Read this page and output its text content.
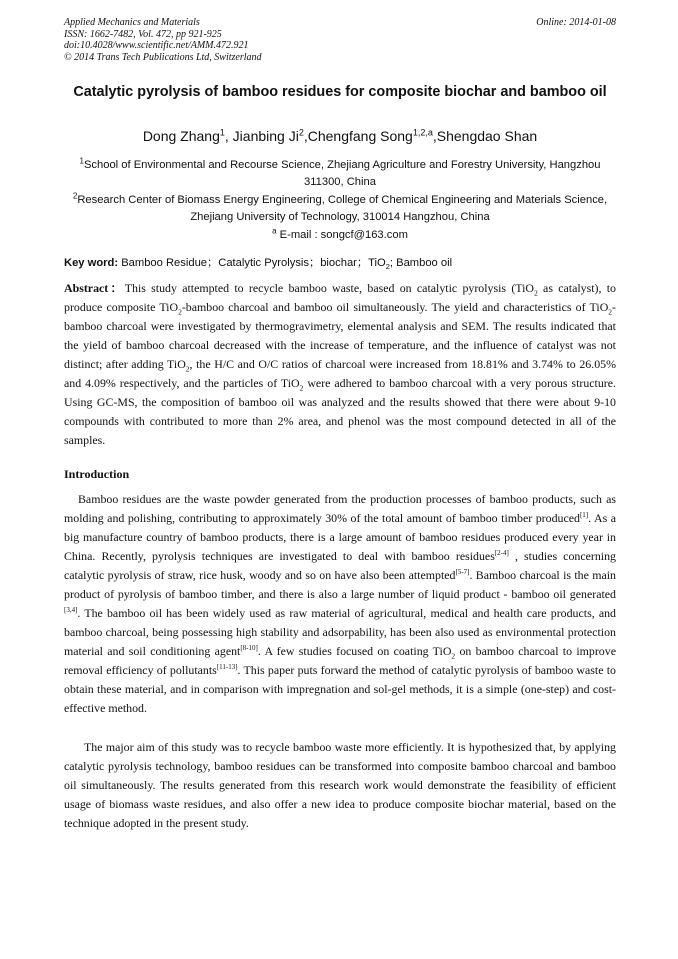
Applied Mechanics and Materials
ISSN: 1662-7482, Vol. 472, pp 921-925
doi:10.4028/www.scientific.net/AMM.472.921
© 2014 Trans Tech Publications Ltd, Switzerland
Online: 2014-01-08
Catalytic pyrolysis of bamboo residues for composite biochar and bamboo oil
Dong Zhang$^1$, Jianbing Ji$^2$,Chengfang Song$^{1,2,a}$,Shengdao Shan
$^1$School of Environmental and Recourse Science, Zhejiang Agriculture and Forestry University, Hangzhou 311300, China
$^2$Research Center of Biomass Energy Engineering, College of Chemical Engineering and Materials Science, Zhejiang University of Technology, 310014 Hangzhou, China
$^a$ E-mail : songcf@163.com
Key word: Bamboo Residue；Catalytic Pyrolysis；biochar；TiO$_2$; Bamboo oil
Abstract：This study attempted to recycle bamboo waste, based on catalytic pyrolysis (TiO$_2$ as catalyst), to produce composite TiO$_2$-bamboo charcoal and bamboo oil simultaneously. The yield and characteristics of TiO$_2$-bamboo charcoal were investigated by thermogravimetry, elemental analysis and SEM. The results indicated that the yield of bamboo charcoal decreased with the increase of temperature, and the influence of catalyst was not distinct; after adding TiO$_2$, the H/C and O/C ratios of charcoal were increased from 18.81% and 3.74% to 26.05% and 4.09% respectively, and the particles of TiO$_2$ were adhered to bamboo charcoal with a very porous structure. Using GC-MS, the composition of bamboo oil was analyzed and the results showed that there were about 9-10 compounds with contributed to more than 2% area, and phenol was the most compound detected in all of the samples.
Introduction
Bamboo residues are the waste powder generated from the production processes of bamboo products, such as molding and polishing, contributing to approximately 30% of the total amount of bamboo timber produced[1]. As a big manufacture country of bamboo products, there is a large amount of bamboo residues produced every year in China. Recently, pyrolysis techniques are investigated to deal with bamboo residues[2-4] , studies concerning catalytic pyrolysis of straw, rice husk, woody and so on have also been attempted[5-7]. Bamboo charcoal is the main product of pyrolysis of bamboo timber, and there is also a large number of liquid product - bamboo oil generated [3,4]. The bamboo oil has been widely used as raw material of agricultural, medical and health care products, and bamboo charcoal, being possessing high stability and adsorpability, has been also used as environmental protection material and soil conditioning agent[8-10]. A few studies focused on coating TiO$_2$ on bamboo charcoal to improve removal efficiency of pollutants[11-13]. This paper puts forward the method of catalytic pyrolysis of bamboo waste to obtain these material, and in comparison with impregnation and sol-gel methods, it is a simple (one-step) and cost-effective method.
The major aim of this study was to recycle bamboo waste more efficiently. It is hypothesized that, by applying catalytic pyrolysis technology, bamboo residues can be transformed into composite bamboo charcoal and bamboo oil simultaneously. The results generated from this research work would demonstrate the feasibility of efficient usage of biomass waste residues, and also offer a new idea to produce composite biochar material, based on the technique adopted in the present study.
